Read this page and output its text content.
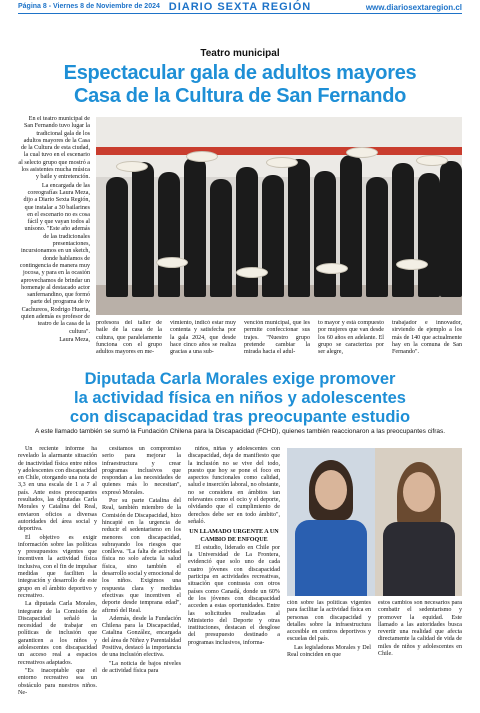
Página 8 - Viernes 8 de Noviembre de 2024 DIARIO SEXTA REGIÓN	www.diariosextaregion.cl
Teatro municipal
Espectacular gala de adultos mayores
Casa de la Cultura de San Fernando

En el teatro municipal de San Fernando tuvo lugar la tradicional gala de los adultos mayores de la Casa de la Cultura de esta ciudad, la cual tuvo en el escenario al selecto grupo que mostró a los asistentes mucha música y baile y entretención.

La encargada de las coreografías Laura Meza, dijo a Diario Sexta Región, que instalar a 30 bailarines en el escenario no es cosa fácil y que vayan todos al unísono. "Este año además de las tradicionales presentaciones, incursionamos en un sketch, donde hablamos de contingencia de manera muy jocosa, y para en la ocasión aprovechamos de brindar un homenaje al destacado actor sanfernandino, que formó parte del programa de tv Cachureos, Rodrigo Huerta, quien además es profesor de teatro de la casa de la cultura".

Laura Meza,

profesora del taller de baile de la casa de la cultura, que paralelamente funciona con el grupo adultos mayores en me-
vimiento, indicó estar muy contenta y satisfecha por la gala 2024, que desde hace cinco años se realiza gracias a una sub-
vención municipal, que les permite confeccionar sus trajes. "Nuestro grupo pretende cambiar la mirada hacia el adul-
to mayor y está compuesto por mujeres que van desde los 60 años en adelante. El grupo se caracteriza por ser alegre,
trabajador e innovador, sirviendo de ejemplo a los más de 140 que actualmente hay en la comuna de San Fernando".
Diputada Carla Morales exige promover
la actividad física en niños y adolescentes
con discapacidad tras preocupante estudio
A este llamado también se sumó la Fundación Chilena para la Discapacidad (FCHD), quienes también reaccionaron a las preocupantes cifras.

Un reciente informe ha revelado la alarmante situación de inactividad física entre niños y adolescentes con discapacidad en Chile, otorgando una nota de 3,3 en una escala de 1 a 7 al país. Ante estos preocupantes resultados, las diputadas Carla Morales y Catalina del Real, enviaron oficios a diversas autoridades del área social y deportiva.

El objetivo es exigir información sobre las políticas y presupuestos vigentes que incentiven la actividad física inclusiva, con el fin de impulsar medidas que faciliten la integración y desarrollo de este grupo en el ámbito deportivo y recreativo.

La diputada Carla Morales, integrante de la Comisión de Discapacidad señaló la necesidad de trabajar en políticas de inclusión que garanticen a los niños y adolescentes con discapacidad un acceso real a espacios recreativos adaptados.

"Es inaceptable que el entorno recreativo sea un obstáculo para nuestros niños. Ne-

cesitamos un compromiso serio para mejorar la infraestructura y crear programas inclusivos que respondan a las necesidades de quienes más lo necesitan", expresó Morales.

Por su parte Catalina del Real, también miembro de la Comisión de Discapacidad, hizo hincapié en la urgencia de reducir el sedentarismo en los menores con discapacidad, subrayando los riesgos que conlleva. "La falta de actividad física no solo afecta la salud física, sino también el desarrollo social y emocional de los niños. Exigimos una respuesta clara y medidas efectivas que incentiven el deporte desde temprana edad", afirmó del Real.

Además, desde la Fundación Chilena para la Discapacidad, Catalina González, encargada del área de Niñez y Parentalidad Positiva, destacó la importancia de una inclusión efectiva.

"La noticia de bajos niveles de actividad física para

niños, niñas y adolescentes con discapacidad, deja de manifiesto que la inclusión no se vive del todo, puesto que hoy se pone el foco en aspectos funcionales como calidad, salud e inserción laboral, no obstante, no se considera en ámbitos tan relevantes como el ocio y el deporte, olvidando que el cumplimiento de derechos debe ser en todo ámbito", señaló.

UN LLAMADO URGENTE A UN CAMBIO DE ENFOQUE

El estudio, liderado en Chile por la Universidad de La Frontera, evidenció que solo uno de cada cuatro jóvenes con discapacidad participa en actividades recreativas, situación que contrasta con otros países como Canadá, donde un 60% de los jóvenes con discapacidad acceden a estas oportunidades. Entre las solicitudes realizadas al Ministerio del Deporte y otras instituciones, destacan el desglose del presupuesto destinado a programas inclusivos, informa-

ción sobre las políticas vigentes para facilitar la actividad física en personas con discapacidad y detalles sobre la infraestructura accesible en centros deportivos y escuelas del país.

Las legisladoras Morales y Del Real coinciden en que

estos cambios son necesarios para combatir el sedentarismo y promover la equidad. Este llamado a las autoridades busca revertir una realidad que afecta directamente la calidad de vida de miles de niños y adolescentes en Chile.
